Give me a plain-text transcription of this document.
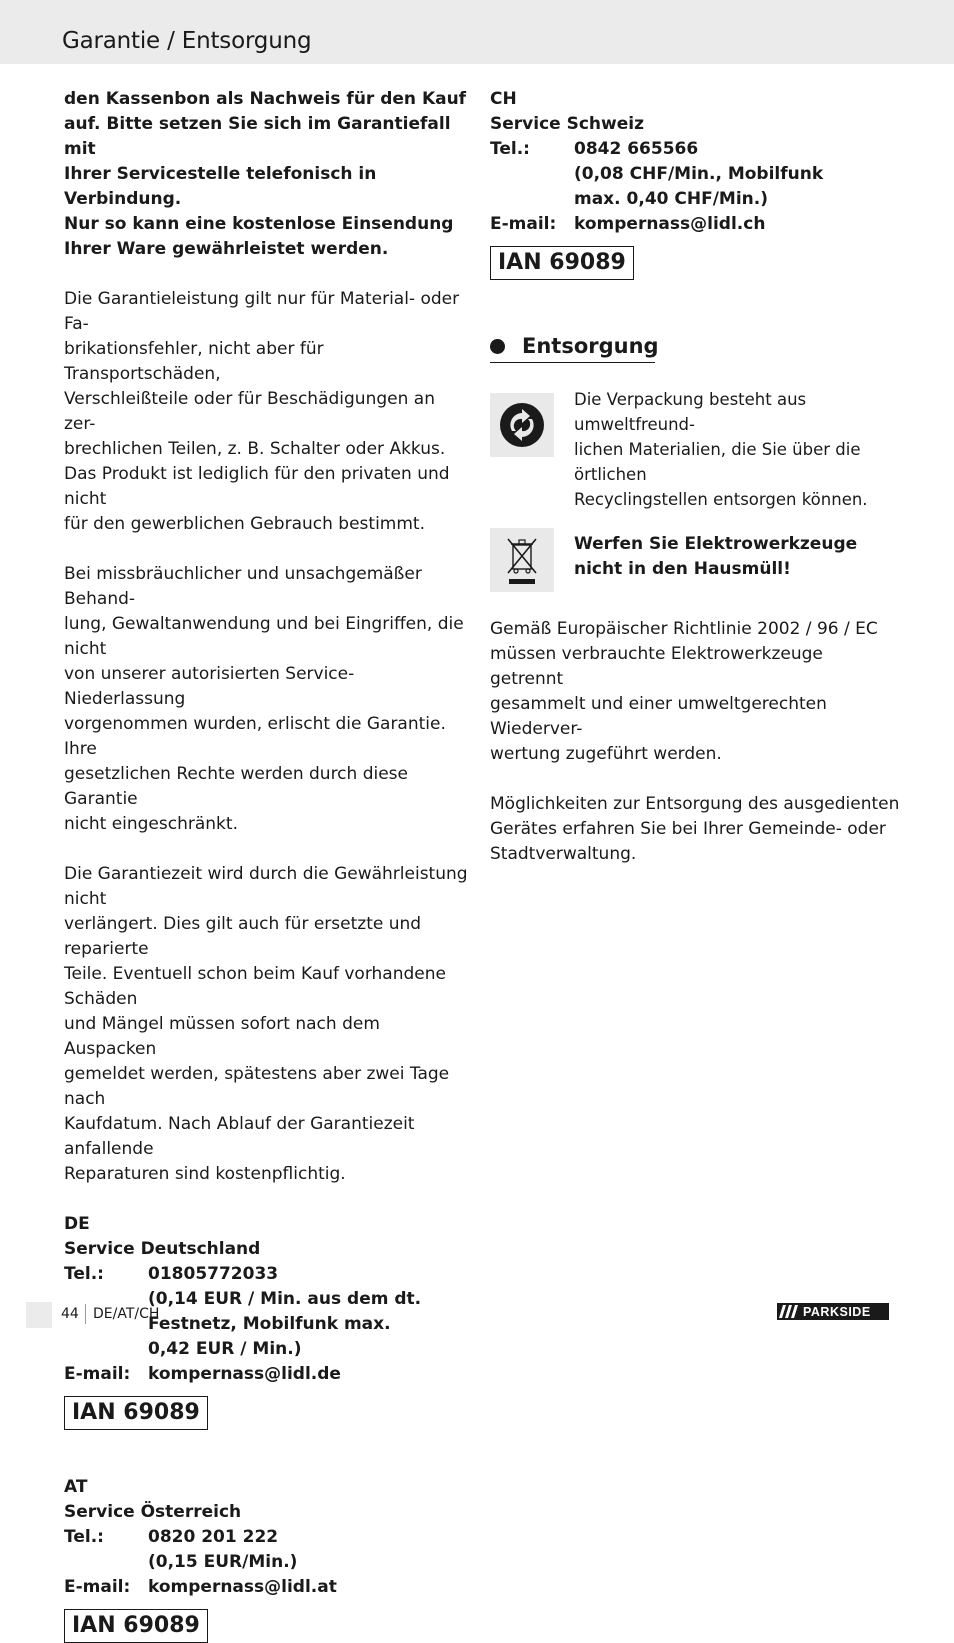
Garantie / Entsorgung

den Kassenbon als Nachweis für den Kauf

auf. Bitte setzen Sie sich im Garantiefall mit

Ihrer Servicestelle telefonisch in Verbindung.

Nur so kann eine kostenlose Einsendung

Ihrer Ware gewährleistet werden.

Die Garantieleistung gilt nur für Material- oder Fa-

brikationsfehler, nicht aber für Transportschäden,

Verschleißteile oder für Beschädigungen an zer-

brechlichen Teilen, z. B. Schalter oder Akkus.

Das Produkt ist lediglich für den privaten und nicht

für den gewerblichen Gebrauch bestimmt.

Bei missbräuchlicher und unsachgemäßer Behand-

lung, Gewaltanwendung und bei Eingriffen, die nicht

von unserer autorisierten Service-Niederlassung

vorgenommen wurden, erlischt die Garantie. Ihre

gesetzlichen Rechte werden durch diese Garantie

nicht eingeschränkt.

Die Garantiezeit wird durch die Gewährleistung nicht

verlängert. Dies gilt auch für ersetzte und reparierte

Teile. Eventuell schon beim Kauf vorhandene Schäden

und Mängel müssen sofort nach dem Auspacken

gemeldet werden, spätestens aber zwei Tage nach

Kaufdatum. Nach Ablauf der Garantiezeit anfallende

Reparaturen sind kostenpflichtig.

DE

Service Deutschland

Tel.:	01805772033

(0,14 EUR / Min. aus dem dt.

Festnetz, Mobilfunk max.

0,42 EUR / Min.)

E-mail:	kompernass@lidl.de
IAN 69089

AT

Service Österreich

Tel.:	0820 201 222

(0,15 EUR/Min.)

E-mail:	kompernass@lidl.at
IAN 69089

CH

Service Schweiz

Tel.:	0842 665566

(0,08 CHF/Min., Mobilfunk

max. 0,40 CHF/Min.)

E-mail:	kompernass@lidl.ch
IAN 69089
Entsorgung

Die Verpackung besteht aus umweltfreund-

lichen Materialien, die Sie über die örtlichen

Recyclingstellen entsorgen können.

Werfen Sie Elektrowerkzeuge

nicht in den Hausmüll!

Gemäß Europäischer Richtlinie 2002 / 96 / EC

müssen verbrauchte Elektrowerkzeuge getrennt

gesammelt und einer umweltgerechten Wiederver-

wertung zugeführt werden.

Möglichkeiten zur Entsorgung des ausgedienten

Gerätes erfahren Sie bei Ihrer Gemeinde- oder

Stadtverwaltung.

44 DE/AT/CH	PARKSIDE
